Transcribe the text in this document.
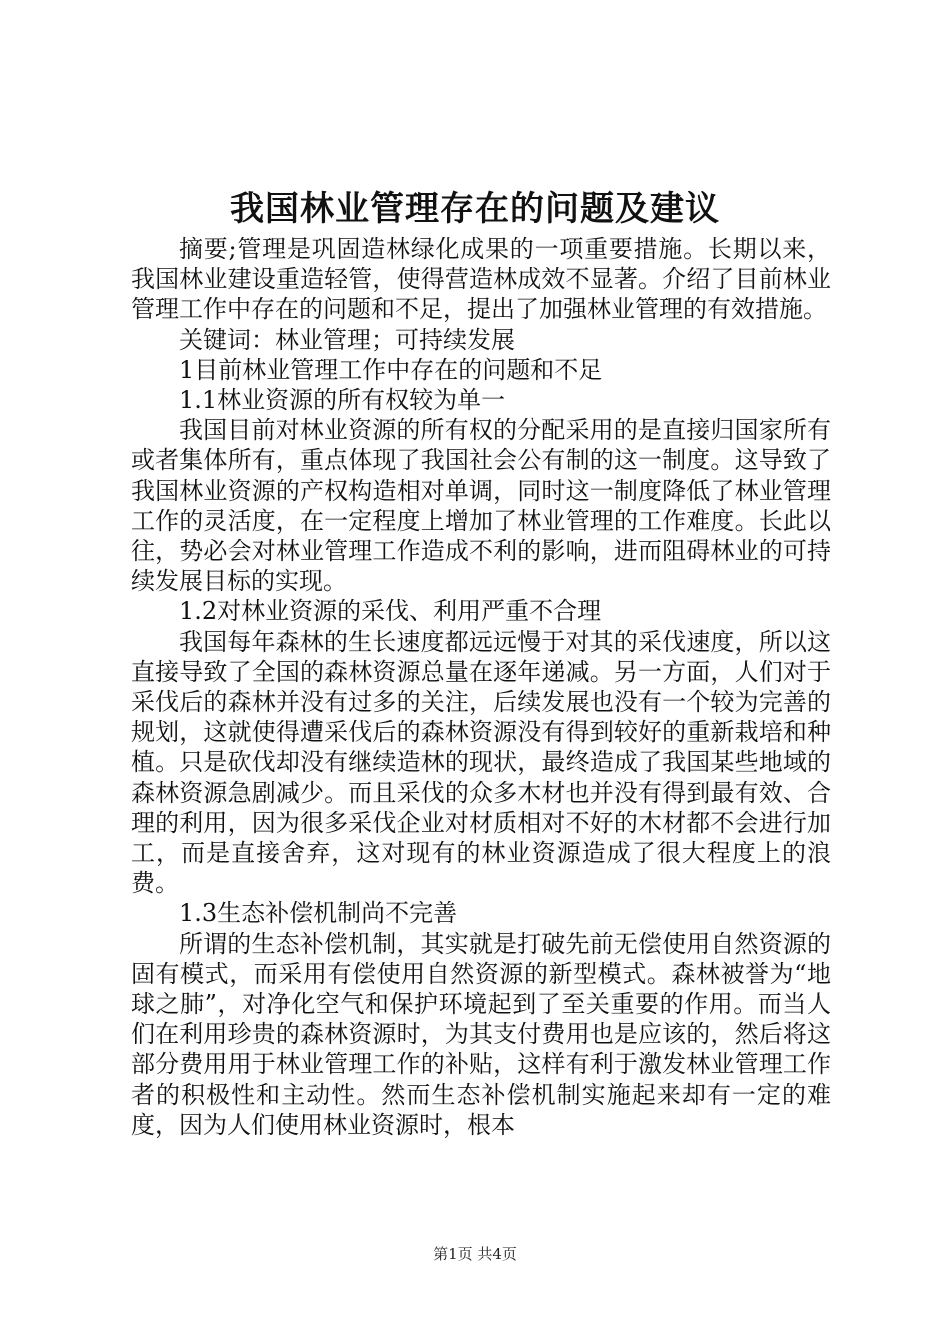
我国林业管理存在的问题及建议

摘要;管理是巩固造林绿化成果的一项重要措施。长期以来，我国林业建设重造轻管，使得营造林成效不显著。介绍了目前林业管理工作中存在的问题和不足，提出了加强林业管理的有效措施。

关键词：林业管理；可持续发展

1目前林业管理工作中存在的问题和不足

1.1林业资源的所有权较为单一

我国目前对林业资源的所有权的分配采用的是直接归国家所有或者集体所有，重点体现了我国社会公有制的这一制度。这导致了我国林业资源的产权构造相对单调，同时这一制度降低了林业管理工作的灵活度，在一定程度上增加了林业管理的工作难度。长此以往，势必会对林业管理工作造成不利的影响，进而阻碍林业的可持续发展目标的实现。

1.2对林业资源的采伐、利用严重不合理

我国每年森林的生长速度都远远慢于对其的采伐速度，所以这直接导致了全国的森林资源总量在逐年递减。另一方面，人们对于采伐后的森林并没有过多的关注，后续发展也没有一个较为完善的规划，这就使得遭采伐后的森林资源没有得到较好的重新栽培和种植。只是砍伐却没有继续造林的现状，最终造成了我国某些地域的森林资源急剧减少。而且采伐的众多木材也并没有得到最有效、合理的利用，因为很多采伐企业对材质相对不好的木材都不会进行加工，而是直接舍弃，这对现有的林业资源造成了很大程度上的浪费。

1.3生态补偿机制尚不完善

所谓的生态补偿机制，其实就是打破先前无偿使用自然资源的固有模式，而采用有偿使用自然资源的新型模式。森林被誉为“地球之肺”，对净化空气和保护环境起到了至关重要的作用。而当人们在利用珍贵的森林资源时，为其支付费用也是应该的，然后将这部分费用用于林业管理工作的补贴，这样有利于激发林业管理工作者的积极性和主动性。然而生态补偿机制实施起来却有一定的难度，因为人们使用林业资源时，根本

第1页 共4页
